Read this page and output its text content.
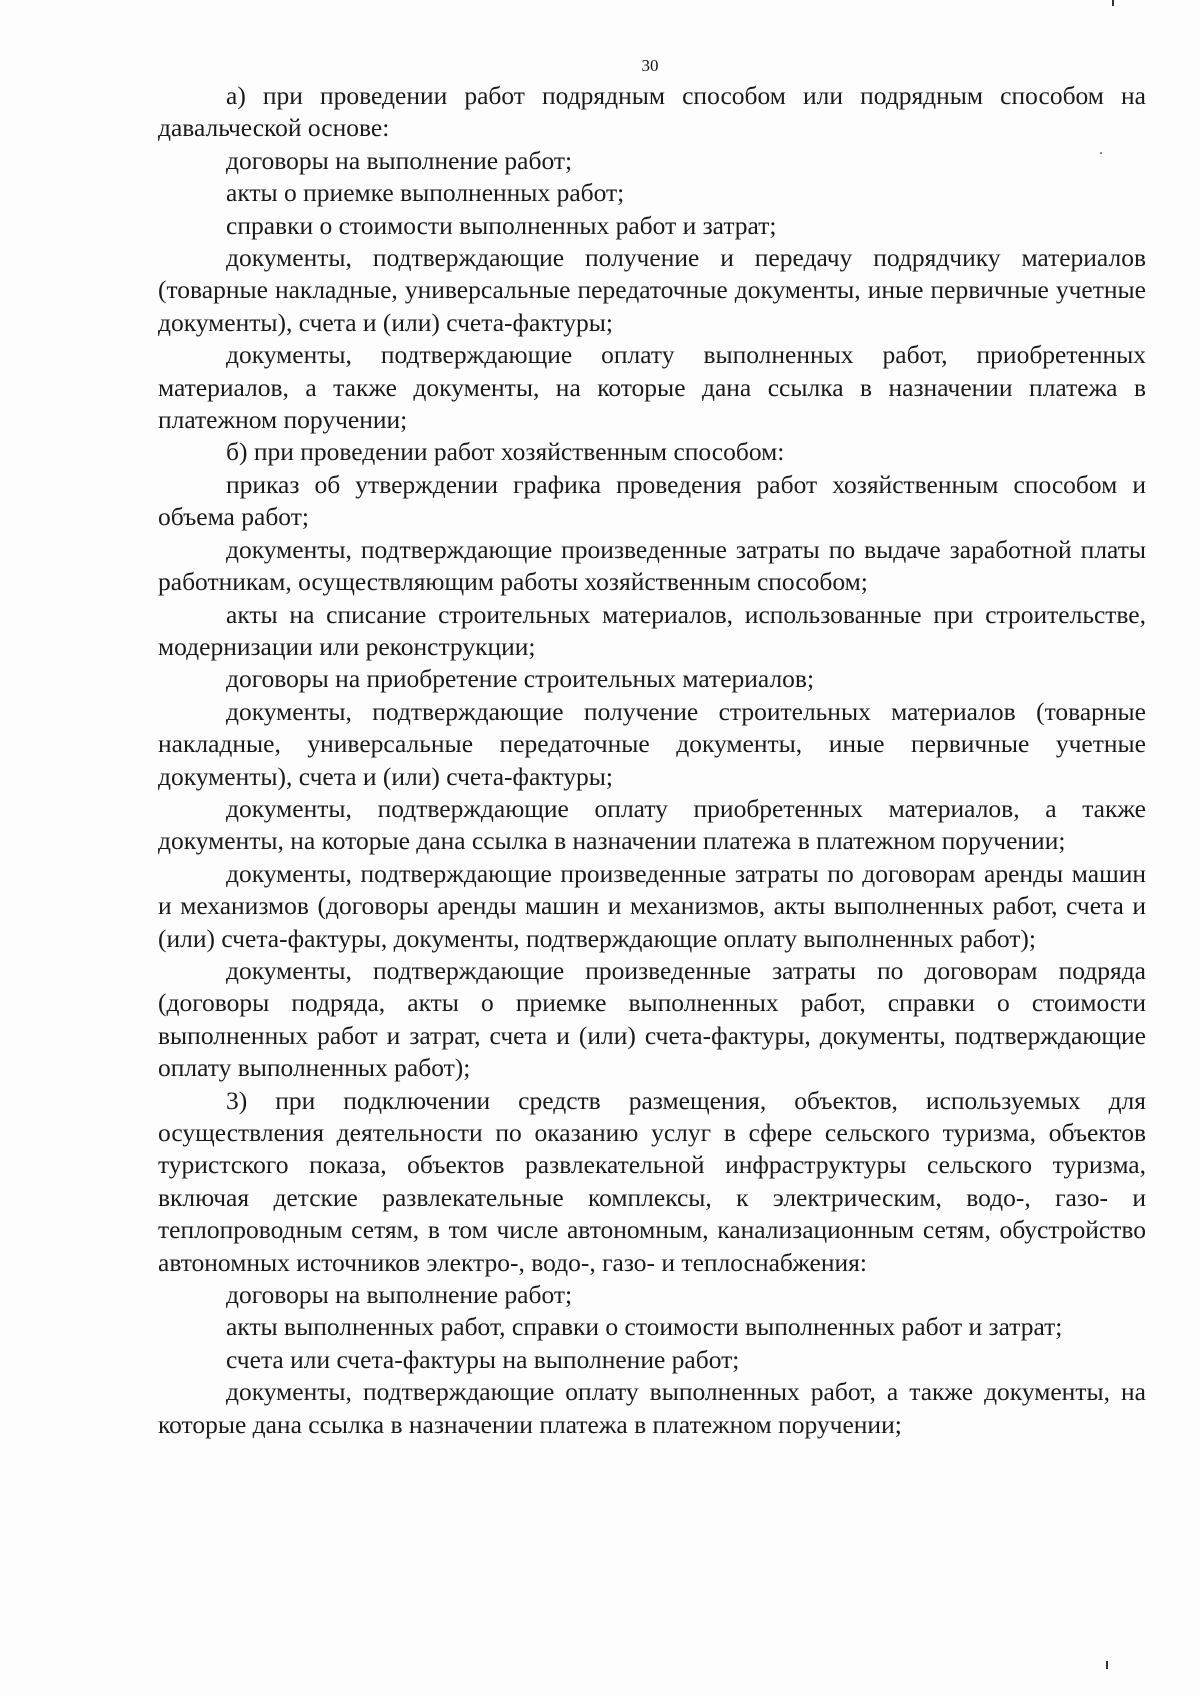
30

а) при проведении работ подрядным способом или подрядным способом на давальческой основе:

договоры на выполнение работ;

акты о приемке выполненных работ;

справки о стоимости выполненных работ и затрат;

документы, подтверждающие получение и передачу подрядчику материалов (товарные накладные, универсальные передаточные документы, иные первичные учетные документы), счета и (или) счета-фактуры;

документы, подтверждающие оплату выполненных работ, приобретенных материалов, а также документы, на которые дана ссылка в назначении платежа в платежном поручении;

б) при проведении работ хозяйственным способом:

приказ об утверждении графика проведения работ хозяйственным способом и объема работ;

документы, подтверждающие произведенные затраты по выдаче заработной платы работникам, осуществляющим работы хозяйственным способом;

акты на списание строительных материалов, использованные при строительстве, модернизации или реконструкции;

договоры на приобретение строительных материалов;

документы, подтверждающие получение строительных материалов (товарные накладные, универсальные передаточные документы, иные первичные учетные документы), счета и (или) счета-фактуры;

документы, подтверждающие оплату приобретенных материалов, а также документы, на которые дана ссылка в назначении платежа в платежном поручении;

документы, подтверждающие произведенные затраты по договорам аренды машин и механизмов (договоры аренды машин и механизмов, акты выполненных работ, счета и (или) счета-фактуры, документы, подтверждающие оплату выполненных работ);

документы, подтверждающие произведенные затраты по договорам подряда (договоры подряда, акты о приемке выполненных работ, справки о стоимости выполненных работ и затрат, счета и (или) счета-фактуры, документы, подтверждающие оплату выполненных работ);

3) при подключении средств размещения, объектов, используемых для осуществления деятельности по оказанию услуг в сфере сельского туризма, объектов туристского показа, объектов развлекательной инфраструктуры сельского туризма, включая детские развлекательные комплексы, к электрическим, водо-, газо- и теплопроводным сетям, в том числе автономным, канализационным сетям, обустройство автономных источников электро-, водо-, газо- и теплоснабжения:

договоры на выполнение работ;

акты выполненных работ, справки о стоимости выполненных работ и затрат;

счета или счета-фактуры на выполнение работ;

документы, подтверждающие оплату выполненных работ, а также документы, на которые дана ссылка в назначении платежа в платежном поручении;
